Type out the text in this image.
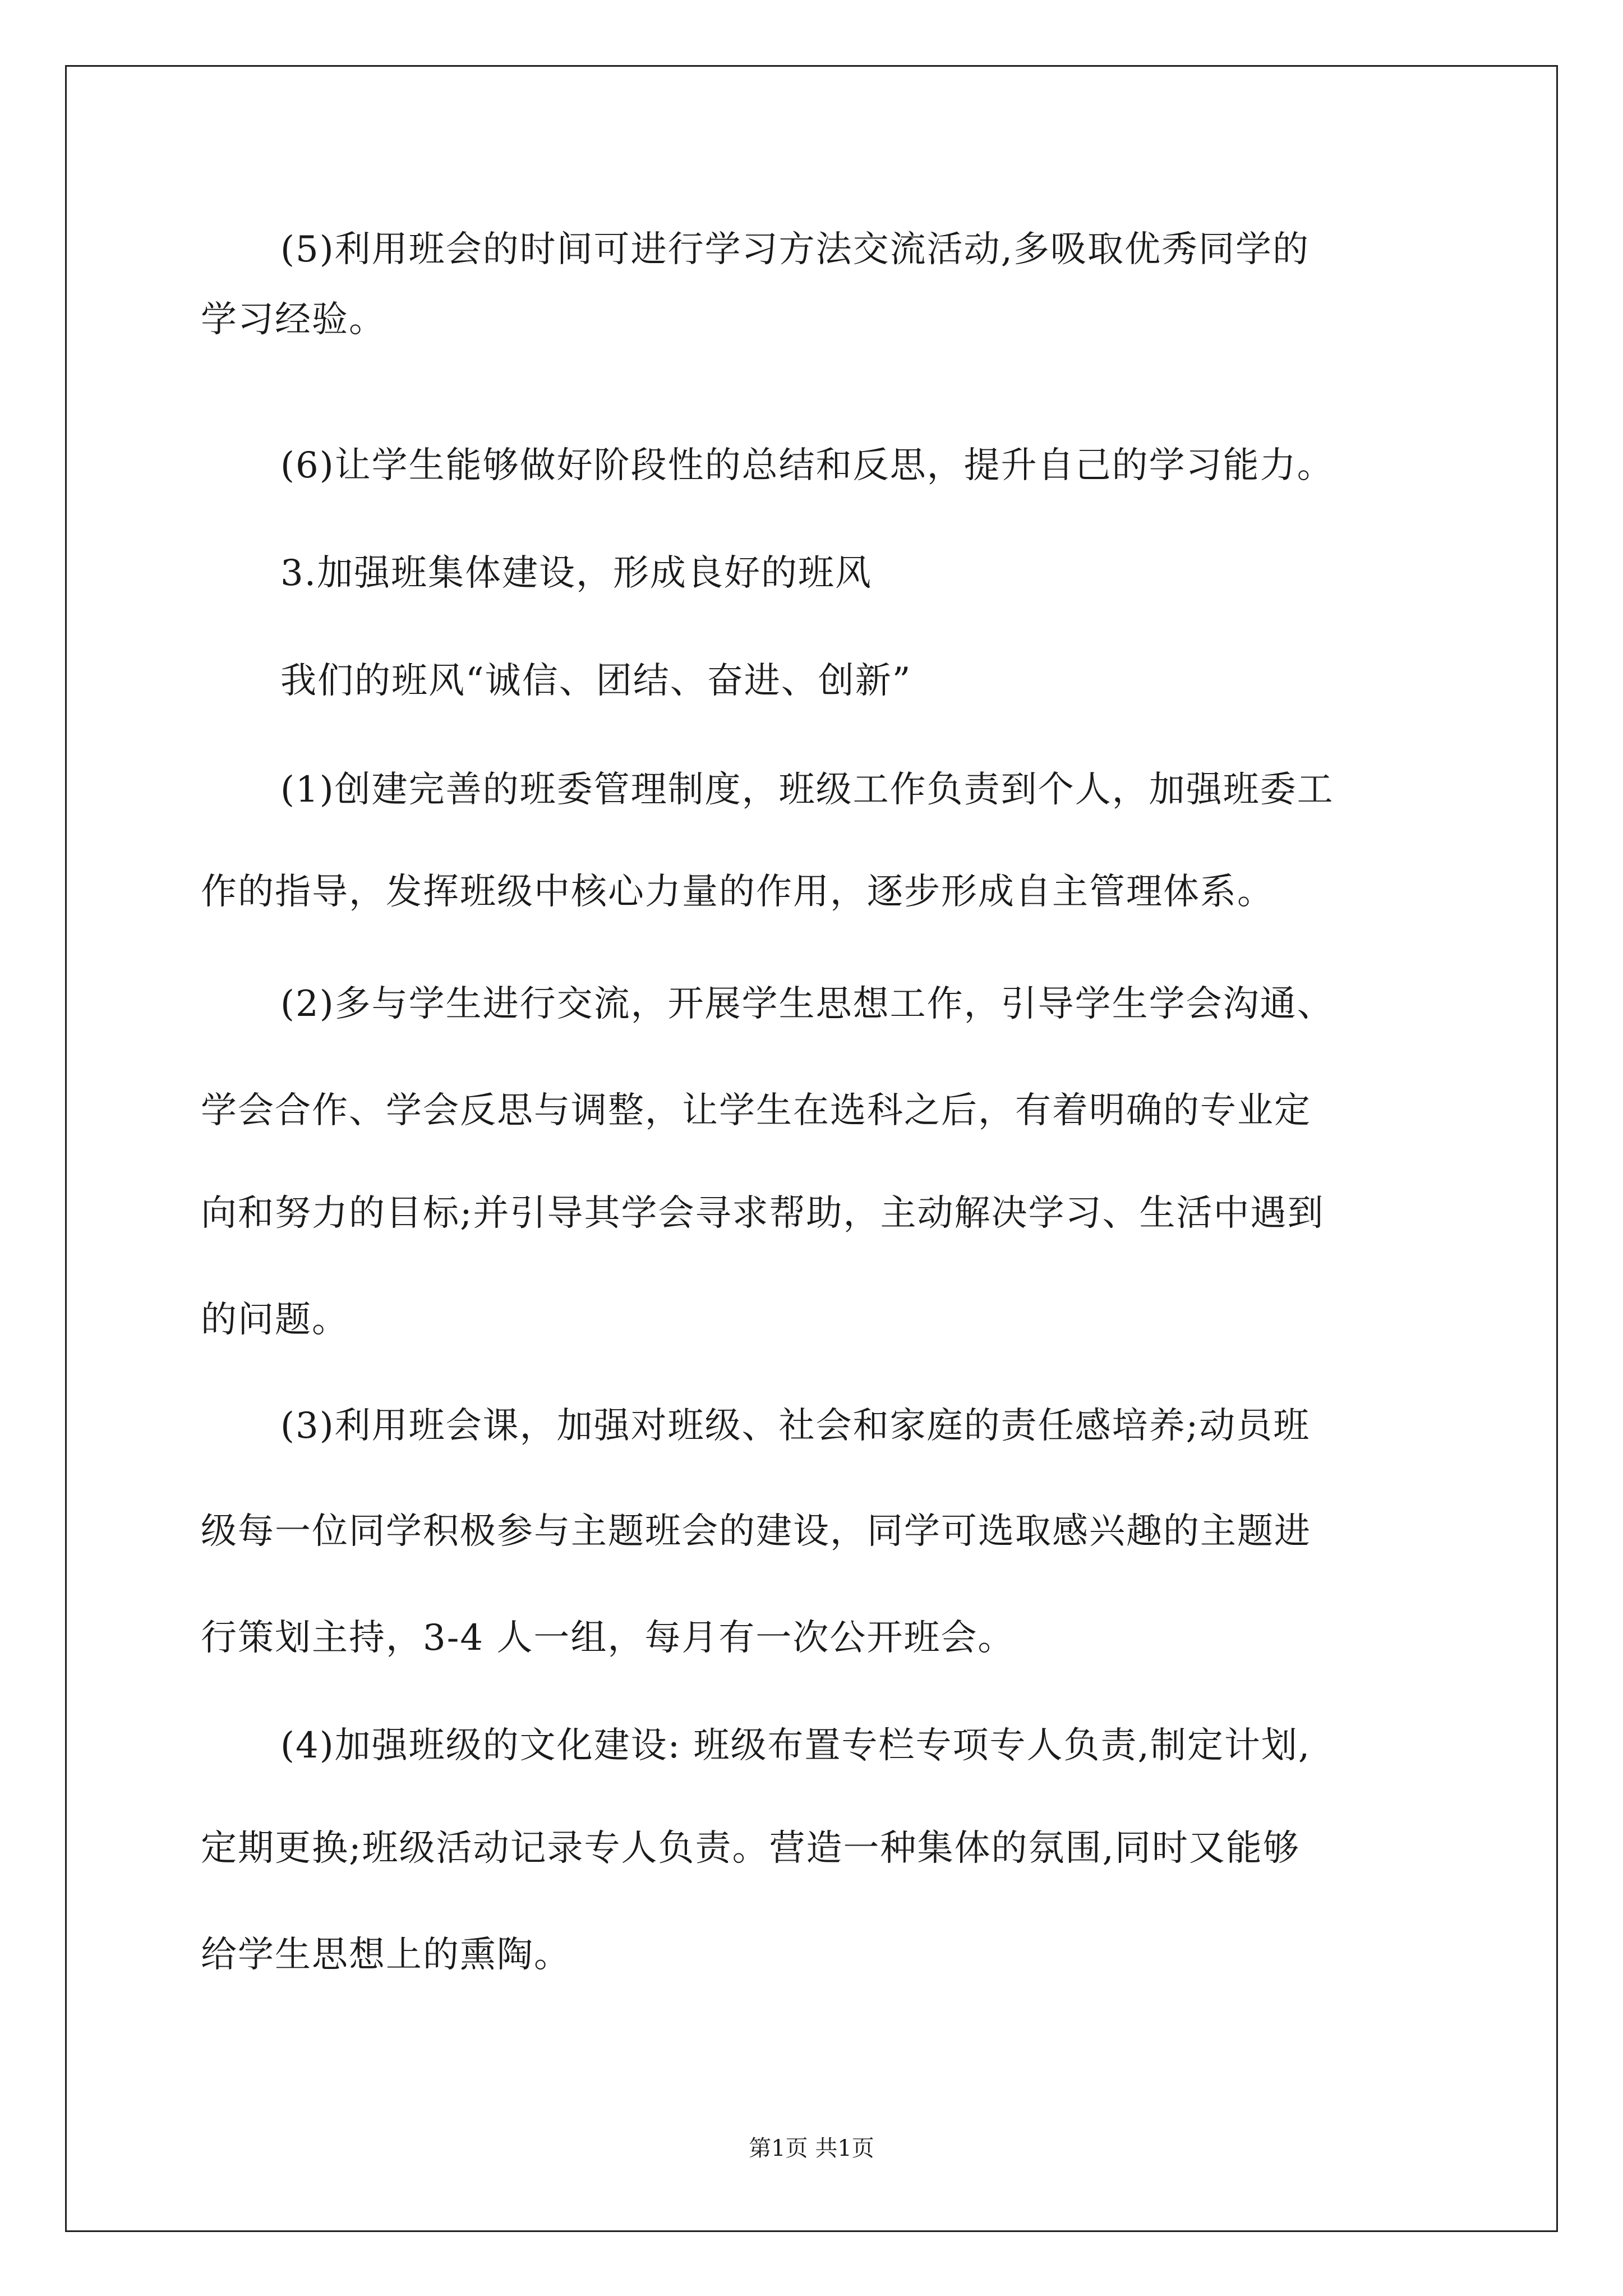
(5)利用班会的时间可进行学习方法交流活动,多吸取优秀同学的
学习经验。
(6)让学生能够做好阶段性的总结和反思，提升自己的学习能力。
3.加强班集体建设，形成良好的班风
我们的班风“诚信、团结、奋进、创新”
(1)创建完善的班委管理制度，班级工作负责到个人，加强班委工
作的指导，发挥班级中核心力量的作用，逐步形成自主管理体系。
(2)多与学生进行交流，开展学生思想工作，引导学生学会沟通、
学会合作、学会反思与调整，让学生在选科之后，有着明确的专业定
向和努力的目标;并引导其学会寻求帮助，主动解决学习、生活中遇到
的问题。
(3)利用班会课，加强对班级、社会和家庭的责任感培养;动员班
级每一位同学积极参与主题班会的建设，同学可选取感兴趣的主题进
行策划主持，3-4 人一组，每月有一次公开班会。
(4)加强班级的文化建设: 班级布置专栏专项专人负责,制定计划,
定期更换;班级活动记录专人负责。营造一种集体的氛围,同时又能够
给学生思想上的熏陶。
第1页 共1页
